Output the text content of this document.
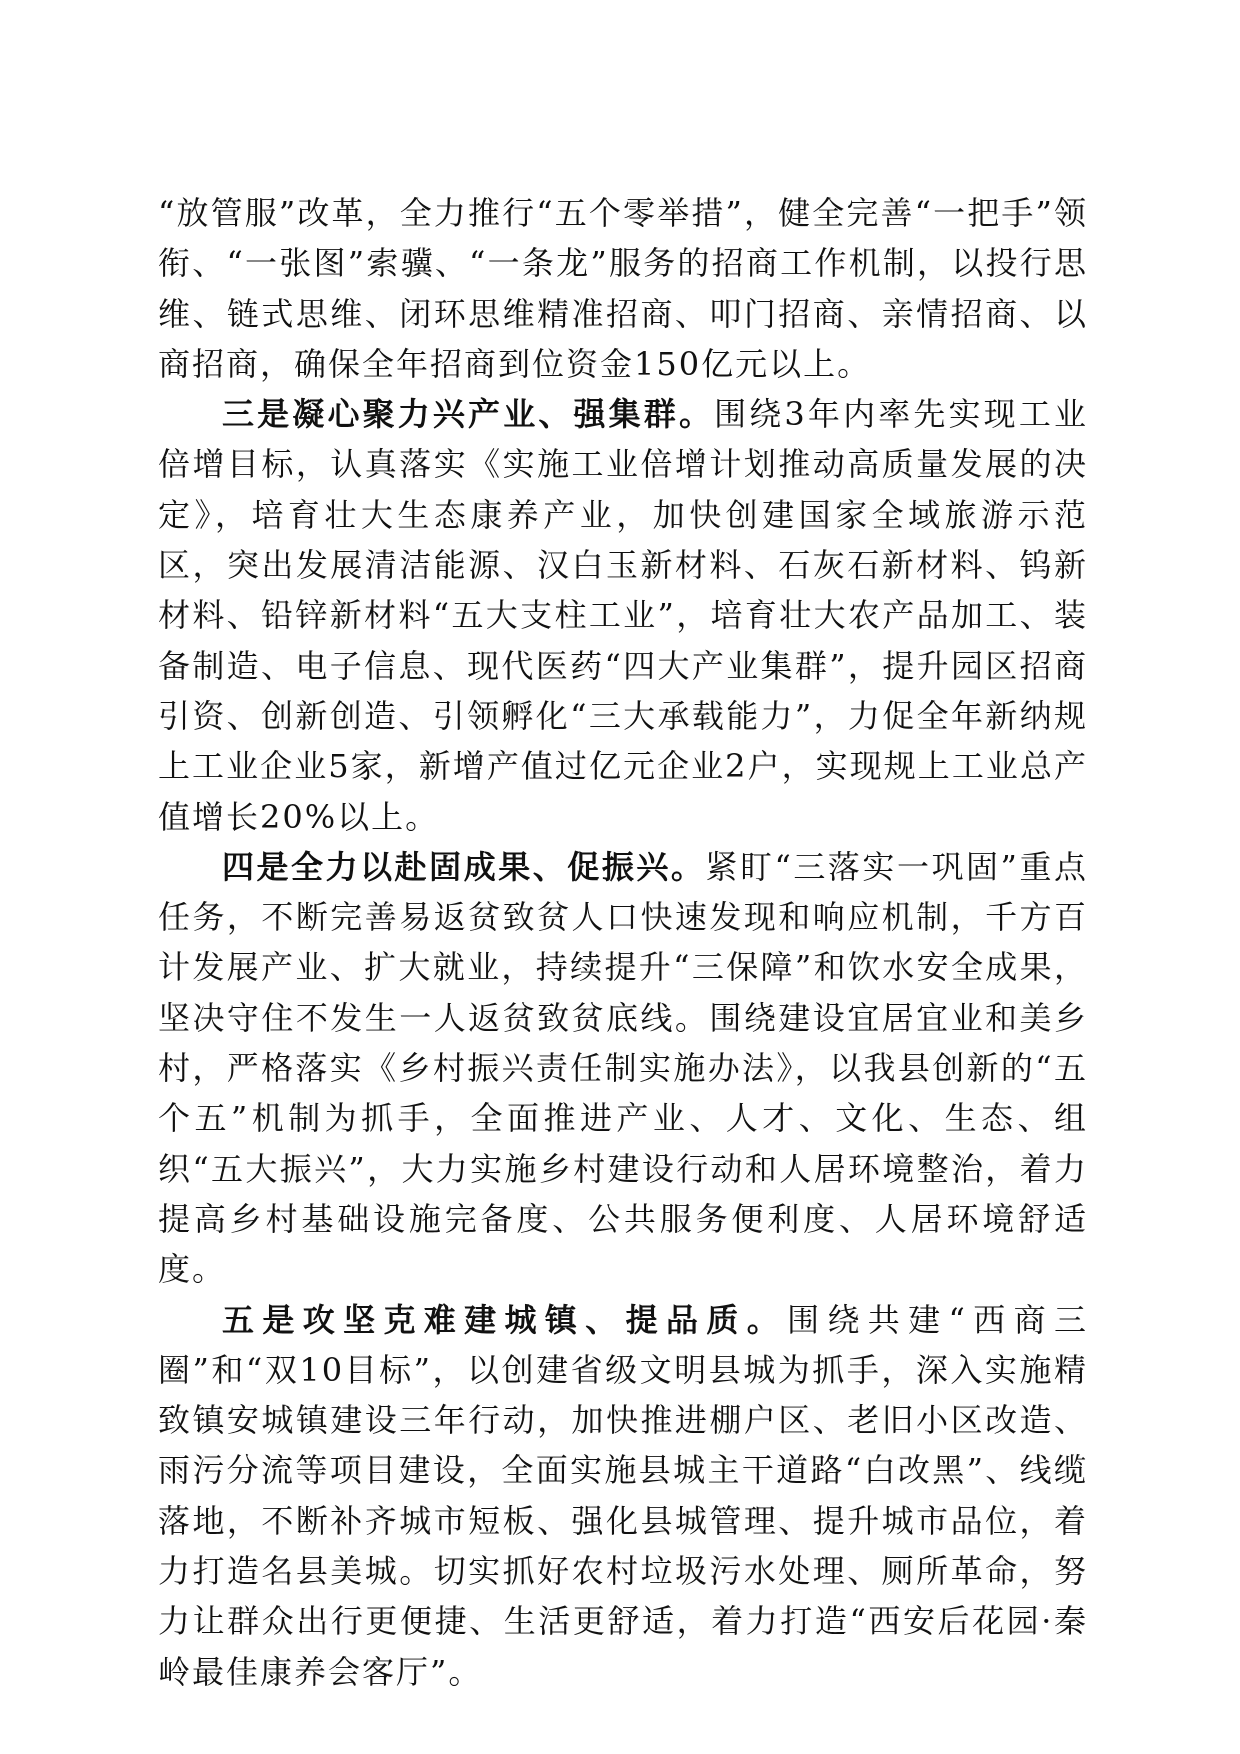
“放管服”改革，全力推行“五个零举措”，健全完善“一把手”领衔、“一张图”索骥、“一条龙”服务的招商工作机制，以投行思维、链式思维、闭环思维精准招商、叩门招商、亲情招商、以商招商，确保全年招商到位资金150亿元以上。

三是凝心聚力兴产业、强集群。围绕3年内率先实现工业倍增目标，认真落实《实施工业倍增计划推动高质量发展的决定》，培育壮大生态康养产业，加快创建国家全域旅游示范区，突出发展清洁能源、汉白玉新材料、石灰石新材料、钨新材料、铅锌新材料“五大支柱工业”，培育壮大农产品加工、装备制造、电子信息、现代医药“四大产业集群”，提升园区招商引资、创新创造、引领孵化“三大承载能力”，力促全年新纳规上工业企业5家，新增产值过亿元企业2户，实现规上工业总产值增长20%以上。

四是全力以赴固成果、促振兴。紧盯“三落实一巩固”重点任务，不断完善易返贫致贫人口快速发现和响应机制，千方百计发展产业、扩大就业，持续提升“三保障”和饮水安全成果，坚决守住不发生一人返贫致贫底线。围绕建设宜居宜业和美乡村，严格落实《乡村振兴责任制实施办法》，以我县创新的“五个五”机制为抓手，全面推进产业、人才、文化、生态、组织“五大振兴”，大力实施乡村建设行动和人居环境整治，着力提高乡村基础设施完备度、公共服务便利度、人居环境舒适度。

五是攻坚克难建城镇、提品质。围绕共建“西商三圈”和“双10目标”，以创建省级文明县城为抓手，深入实施精致镇安城镇建设三年行动，加快推进棚户区、老旧小区改造、雨污分流等项目建设，全面实施县城主干道路“白改黑”、线缆落地，不断补齐城市短板、强化县城管理、提升城市品位，着力打造名县美城。切实抓好农村垃圾污水处理、厕所革命，努力让群众出行更便捷、生活更舒适，着力打造“西安后花园·秦岭最佳康养会客厅”。
